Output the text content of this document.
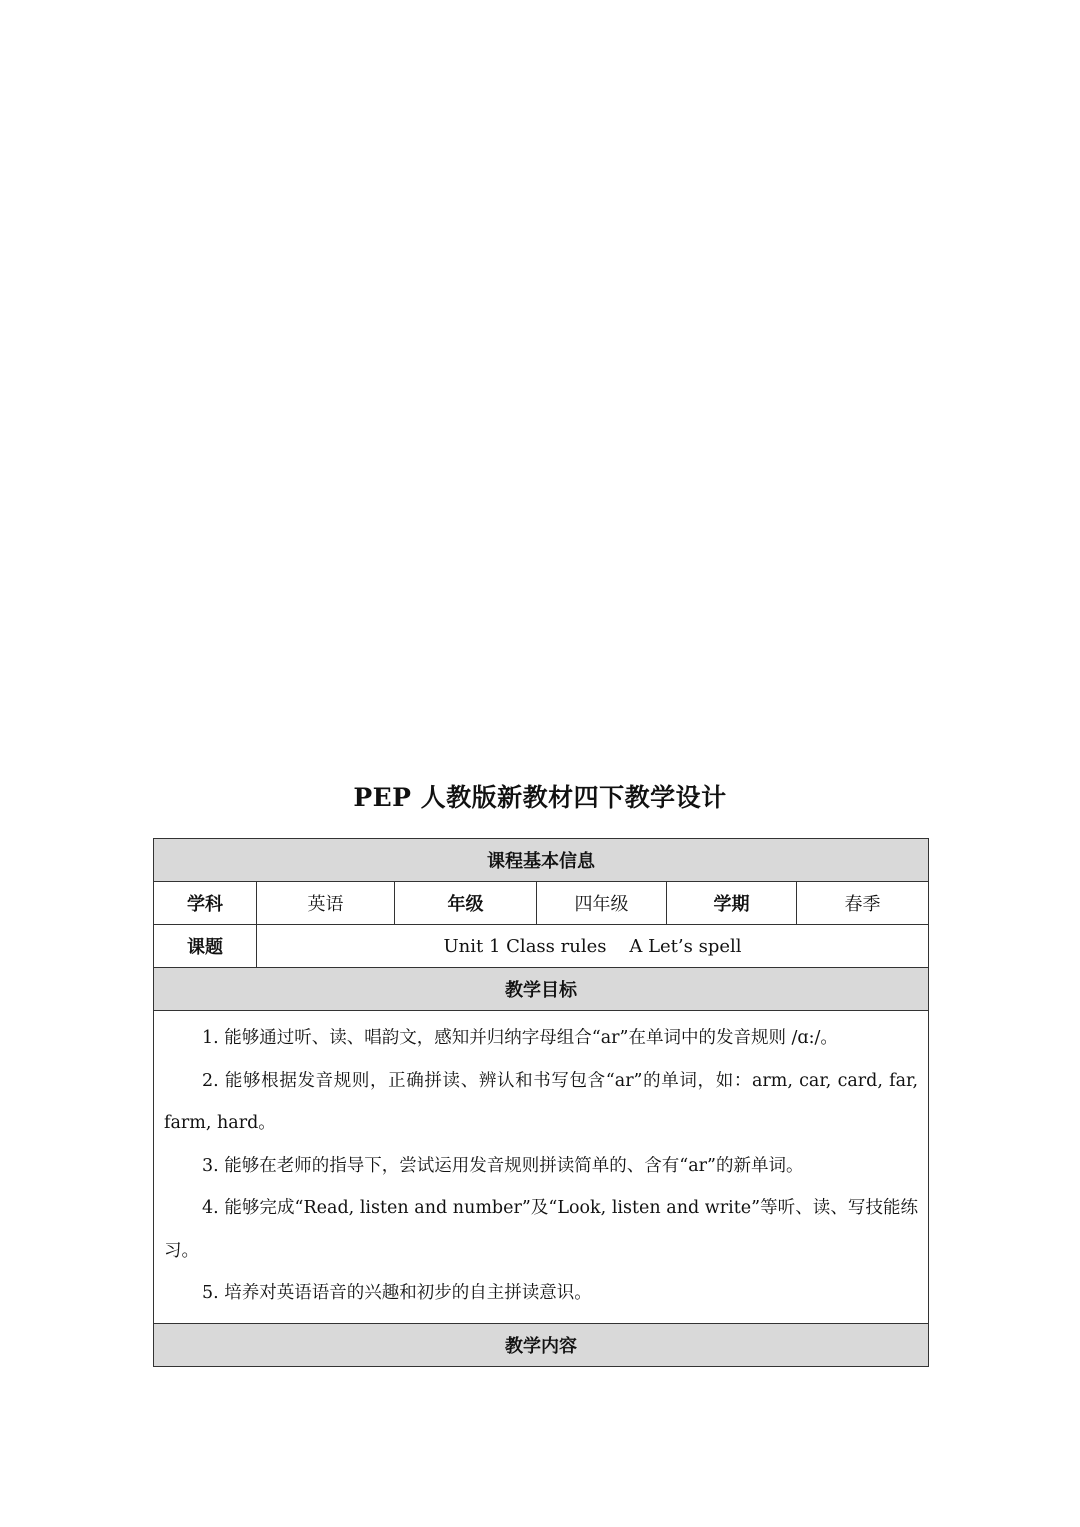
PEP 人教版新教材四下教学设计
课程基本信息					
学科	英语	年级	四年级	学期	春季
课题	Unit 1 Class rules    A Let’s spell				
教学目标					

1. 能够通过听、读、唱韵文，感知并归纳字母组合“ar”在单词中的发音规则 /ɑ:/。

2. 能够根据发音规则，正确拼读、辨认和书写包含“ar”的单词，如：arm, car, card, far, farm, hard。

3. 能够在老师的指导下，尝试运用发音规则拼读简单的、含有“ar”的新单词。

4. 能够完成“Read, listen and number”及“Look, listen and write”等听、读、写技能练习。

5. 培养对英语语音的兴趣和初步的自主拼读意识。					

教学内容					
